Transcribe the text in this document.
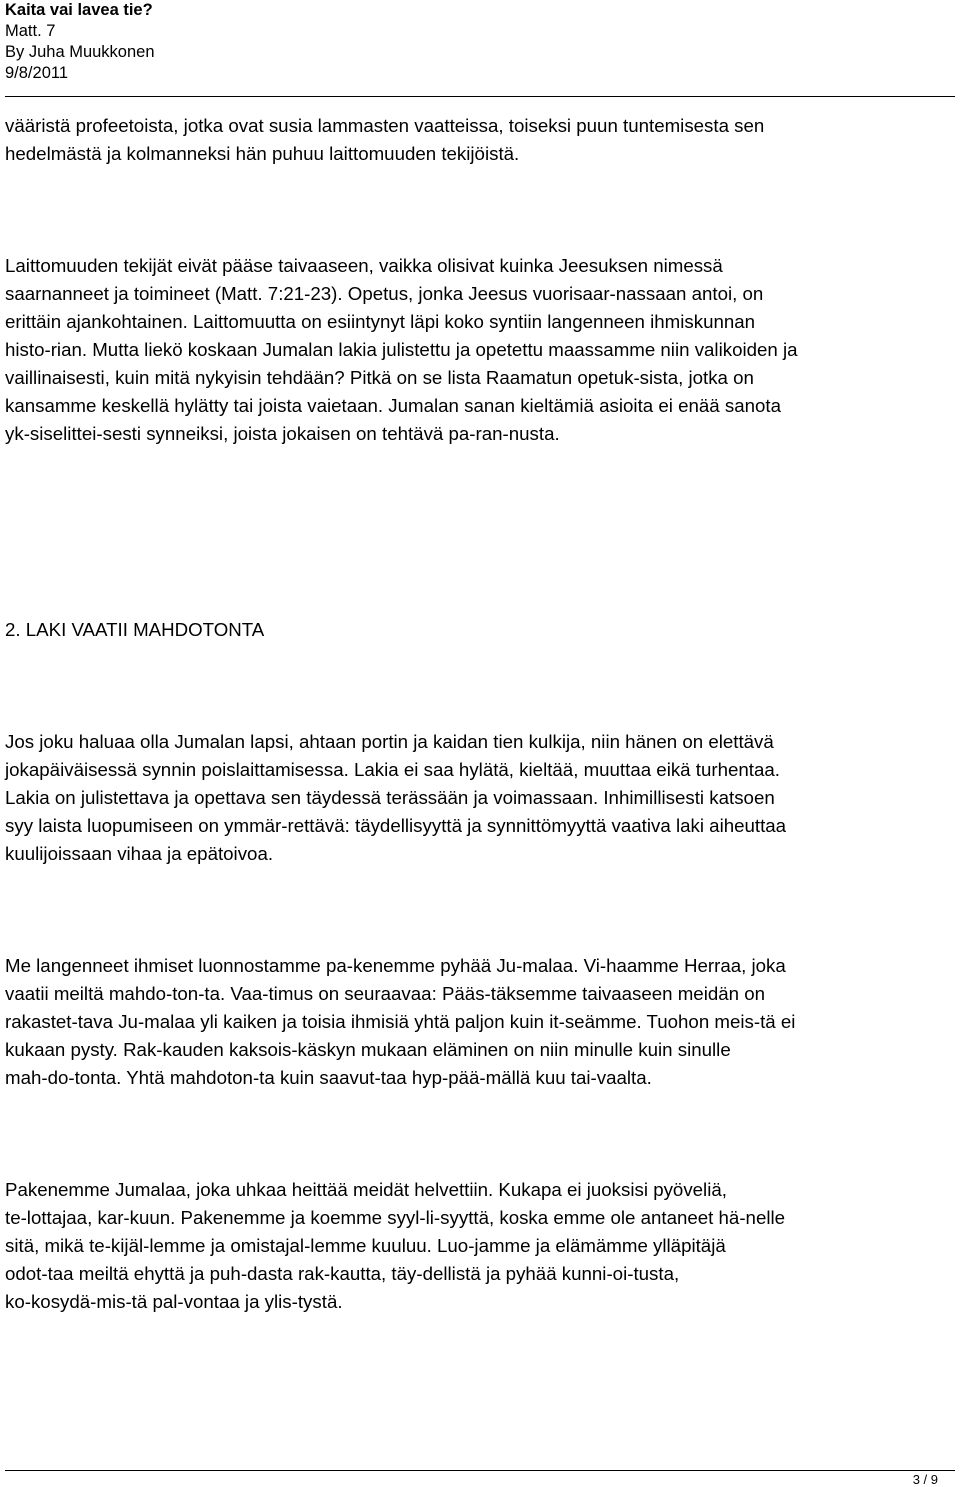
Kaita vai lavea tie?
Matt. 7
By Juha Muukkonen
9/8/2011

vääristä profeetoista, jotka ovat susia lammasten vaatteissa, toiseksi puun tuntemisesta sen
hedelmästä ja kolmanneksi hän puhuu laittomuuden tekijöistä.

Laittomuuden tekijät eivät pääse taivaaseen, vaikka olisivat kuinka Jeesuksen nimessä
saarnanneet ja toimineet (Matt. 7:21-23). Opetus, jonka Jeesus vuorisaar-nassaan antoi, on
erittäin ajankohtainen. Laittomuutta on esiintynyt läpi koko syntiin langenneen ihmiskunnan
histo-rian. Mutta liekö koskaan Jumalan lakia julistettu ja opetettu maassamme niin valikoiden ja
vaillinaisesti, kuin mitä nykyisin tehdään? Pitkä on se lista Raamatun opetuk-sista, jotka on
kansamme keskellä hylätty tai joista vaietaan. Jumalan sanan kieltämiä asioita ei enää sanota
yk-siselittei-sesti synneiksi, joista jokaisen on tehtävä pa-ran-nusta.

2. LAKI VAATII MAHDOTONTA

Jos joku haluaa olla Jumalan lapsi, ahtaan portin ja kaidan tien kulkija, niin hänen on elettävä
jokapäiväisessä synnin poislaittamisessa. Lakia ei saa hylätä, kieltää, muuttaa eikä turhentaa.
Lakia on julistettava ja opettava sen täydessä terässään ja voimassaan. Inhimillisesti katsoen
syy laista luopumiseen on ymmär-rettävä: täydellisyyttä ja synnittömyyttä vaativa laki aiheuttaa
kuulijoissaan vihaa ja epätoivoa.

Me langenneet ihmiset luonnostamme pa-kenemme pyhää Ju-malaa. Vi-haamme Herraa, joka
vaatii meiltä mahdo-ton-ta. Vaa-timus on seuraavaa: Pääs-täksemme taivaaseen meidän on
rakastet-tava Ju-malaa yli kaiken ja toisia ihmisiä yhtä paljon kuin it-seämme. Tuohon meis-tä ei
kukaan pysty. Rak-kauden kaksois-käskyn mukaan eläminen on niin minulle kuin sinulle
mah-do-tonta. Yhtä mahdoton-ta kuin saavut-taa hyp-pää-mällä kuu tai-vaalta.

Pakenemme Jumalaa, joka uhkaa heittää meidät helvettiin. Kukapa ei juoksisi pyöveliä,
te-lottajaa, kar-kuun. Pakenemme ja koemme syyl-li-syyttä, koska emme ole antaneet hä-nelle
sitä, mikä te-kijäl-lemme ja omistajal-lemme kuuluu. Luo-jamme ja elämämme ylläpitäjä
odot-taa meiltä ehyttä ja puh-dasta rak-kautta, täy-dellistä ja pyhää kunni-oi-tusta,
ko-kosydä-mis-tä pal-vontaa ja ylis-tystä.

3 / 9
